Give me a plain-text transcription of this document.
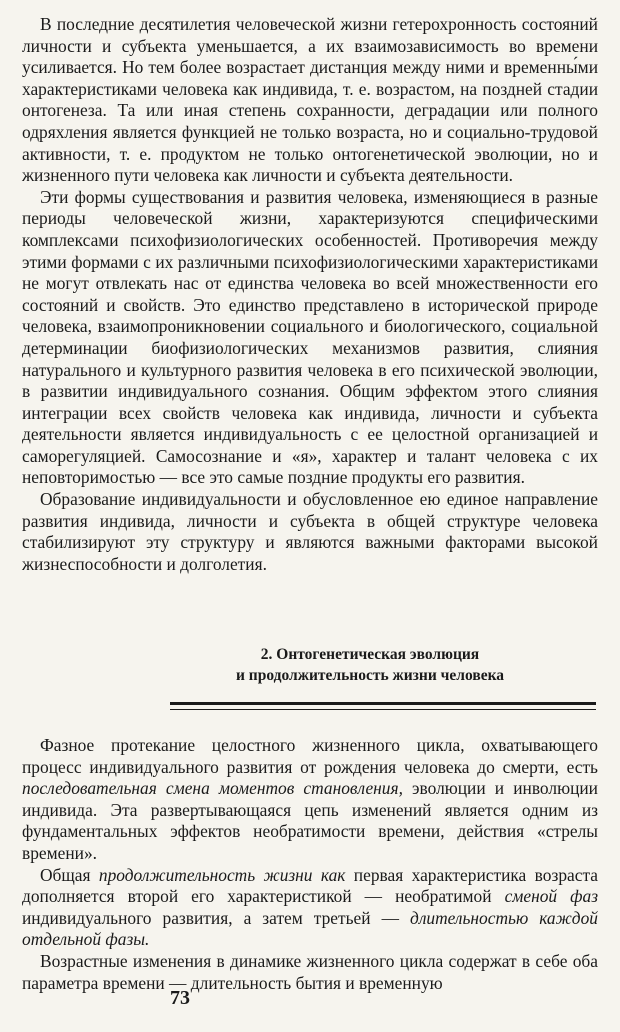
В последние десятилетия человеческой жизни гетерохронность состояний личности и субъекта уменьшается, а их взаимозависимость во времени усиливается. Но тем более возрастает дистанция между ними и временны́ми характеристиками человека как индивида, т. е. возрастом, на поздней стадии онтогенеза. Та или иная степень сохранности, деградации или полного одряхления является функцией не только возраста, но и социально-трудовой активности, т. е. продуктом не только онтогенетической эволюции, но и жизненного пути человека как личности и субъекта деятельности.

Эти формы существования и развития человека, изменяющиеся в разные периоды человеческой жизни, характеризуются специфическими комплексами психофизиологических особенностей. Противоречия между этими формами с их различными психофизиологическими характеристиками не могут отвлекать нас от единства человека во всей множественности его состояний и свойств. Это единство представлено в исторической природе человека, взаимопроникновении социального и биологического, социальной детерминации биофизиологических механизмов развития, слияния натурального и культурного развития человека в его психической эволюции, в развитии индивидуального сознания. Общим эффектом этого слияния интеграции всех свойств человека как индивида, личности и субъекта деятельности является индивидуальность с ее целостной организацией и саморегуляцией. Самосознание и «я», характер и талант человека с их неповторимостью — все это самые поздние продукты его развития.

Образование индивидуальности и обусловленное ею единое направление развития индивида, личности и субъекта в общей структуре человека стабилизируют эту структуру и являются важными факторами высокой жизнеспособности и долголетия.

2. Онтогенетическая эволюция
и продолжительность жизни человека

Фазное протекание целостного жизненного цикла, охватывающего процесс индивидуального развития от рождения человека до смерти, есть последовательная смена моментов становления, эволюции и инволюции индивида. Эта развертывающаяся цепь изменений является одним из фундаментальных эффектов необратимости времени, действия «стрелы времени».

Общая продолжительность жизни как первая характеристика возраста дополняется второй его характеристикой — необратимой сменой фаз индивидуального развития, а затем третьей — длительностью каждой отдельной фазы.

Возрастные изменения в динамике жизненного цикла содержат в себе оба параметра времени — длительность бытия и временную

73
